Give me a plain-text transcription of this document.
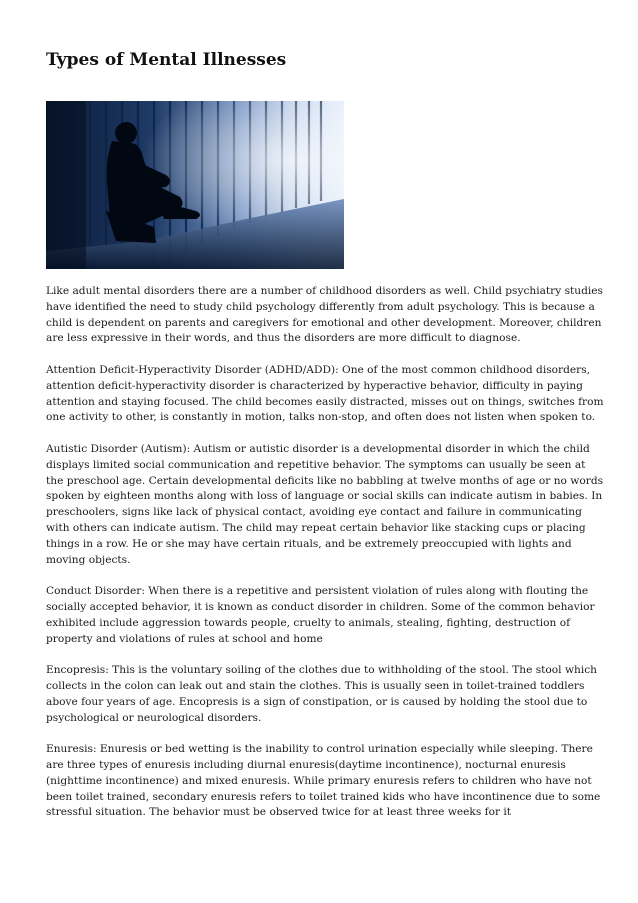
Types of Mental Illnesses

Like adult mental disorders there are a number of childhood disorders as well. Child psychiatry studies have identified the need to study child psychology differently from adult psychology. This is because a child is dependent on parents and caregivers for emotional and other development. Moreover, children are less expressive in their words, and thus the disorders are more difficult to diagnose.

Attention Deficit-Hyperactivity Disorder (ADHD/ADD): One of the most common childhood disorders, attention deficit-hyperactivity disorder is characterized by hyperactive behavior, difficulty in paying attention and staying focused. The child becomes easily distracted, misses out on things, switches from one activity to other, is constantly in motion, talks non-stop, and often does not listen when spoken to.

Autistic Disorder (Autism): Autism or autistic disorder is a developmental disorder in which the child displays limited social communication and repetitive behavior. The symptoms can usually be seen at the preschool age. Certain developmental deficits like no babbling at twelve months of age or no words spoken by eighteen months along with loss of language or social skills can indicate autism in babies. In preschoolers, signs like lack of physical contact, avoiding eye contact and failure in communicating with others can indicate autism. The child may repeat certain behavior like stacking cups or placing things in a row. He or she may have certain rituals, and be extremely preoccupied with lights and moving objects.

Conduct Disorder: When there is a repetitive and persistent violation of rules along with flouting the socially accepted behavior, it is known as conduct disorder in children. Some of the common behavior exhibited include aggression towards people, cruelty to animals, stealing, fighting, destruction of property and violations of rules at school and home

Encopresis: This is the voluntary soiling of the clothes due to withholding of the stool. The stool which collects in the colon can leak out and stain the clothes. This is usually seen in toilet-trained toddlers above four years of age. Encopresis is a sign of constipation, or is caused by holding the stool due to psychological or neurological disorders.

Enuresis: Enuresis or bed wetting is the inability to control urination especially while sleeping. There are three types of enuresis including diurnal enuresis(daytime incontinence), nocturnal enuresis (nighttime incontinence) and mixed enuresis. While primary enuresis refers to children who have not been toilet trained, secondary enuresis refers to toilet trained kids who have incontinence due to some stressful situation. The behavior must be observed twice for at least three weeks for it
